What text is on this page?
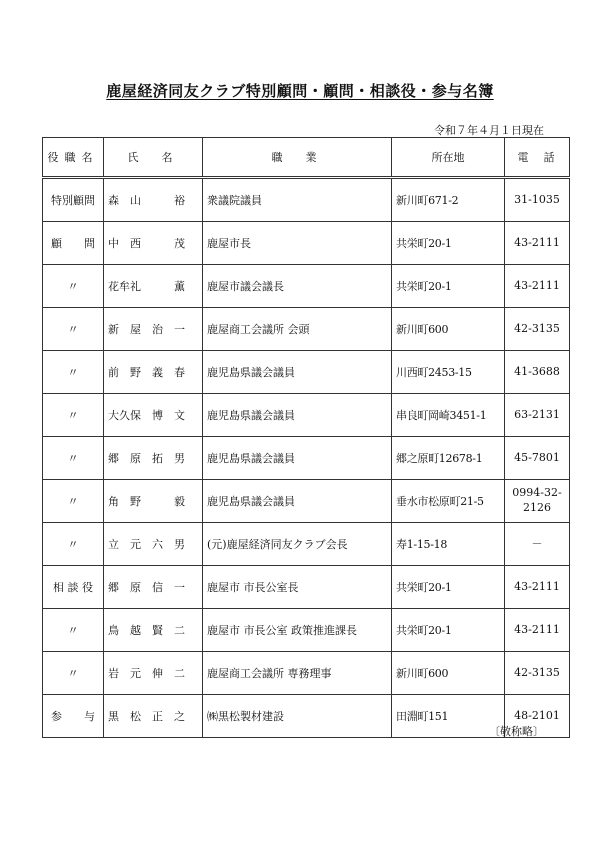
鹿屋経済同友クラブ特別顧問・顧問・相談役・参与名簿
令和７年４月１日現在
役職名	氏　名	職　業	所在地	電　話
特別顧問	森　山　　　裕	衆議院議員	新川町671-2	31-1035
顧　　問	中　西　　　茂	鹿屋市長	共栄町20-1	43-2111
〃	花牟礼　　　薫	鹿屋市議会議長	共栄町20-1	43-2111
〃	新　屋　治　一	鹿屋商工会議所 会頭	新川町600	42-3135
〃	前　野　義　春	鹿児島県議会議員	川西町2453-15	41-3688
〃	大久保　博　文	鹿児島県議会議員	串良町岡崎3451-1	63-2131
〃	郷　原　拓　男	鹿児島県議会議員	郷之原町12678-1	45-7801
〃	角　野　　　毅	鹿児島県議会議員	垂水市松原町21-5	0994-32-2126
〃	立　元　六　男	(元)鹿屋経済同友クラブ会長	寿1-15-18	－
相 談 役	郷　原　信　一	鹿屋市 市長公室長	共栄町20-1	43-2111
〃	鳥　越　賢　二	鹿屋市 市長公室 政策推進課長	共栄町20-1	43-2111
〃	岩　元　伸　二	鹿屋商工会議所 専務理事	新川町600	42-3135
参　　与	黒　松　正　之	㈱黒松製材建設	田淵町151	48-2101
〔敬称略〕
